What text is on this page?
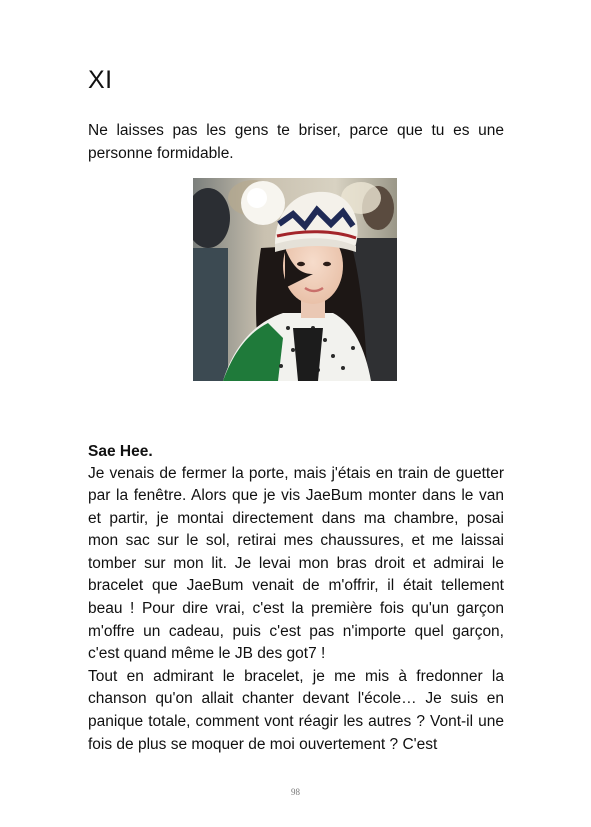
XI
Ne laisses pas les gens te briser, parce que tu es une personne formidable.
Sae Hee.

Je venais de fermer la porte, mais j'étais en train de guetter par la fenêtre. Alors que je vis JaeBum monter dans le van et partir, je montai directement dans ma chambre, posai mon sac sur le sol, retirai mes chaussures, et me laissai tomber sur mon lit. Je levai mon bras droit et admirai le bracelet que JaeBum venait de m'offrir, il était tellement beau ! Pour dire vrai, c'est la première fois qu'un garçon m'offre un cadeau, puis c'est pas n'importe quel garçon, c'est quand même le JB des got7 !

Tout en admirant le bracelet, je me mis à fredonner la chanson qu'on allait chanter devant l'école… Je suis en panique totale, comment vont réagir les autres ? Vont-il une fois de plus se moquer de moi ouvertement ? C'est

98
